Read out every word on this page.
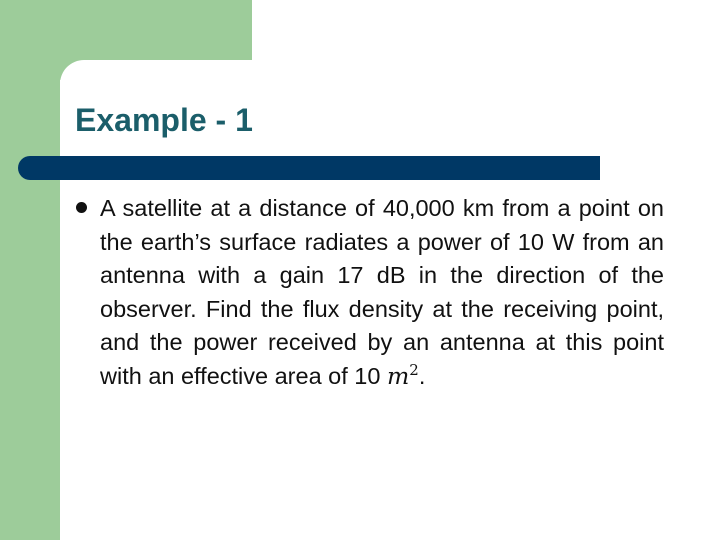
Example - 1

A satellite at a distance of 40,000 km from a point on the earth’s surface radiates a power of 10 W from an antenna with a gain 17 dB in the direction of the observer. Find the flux density at the receiving point, and the power received by an antenna at this point with an effective area of 10 $m^2$.
